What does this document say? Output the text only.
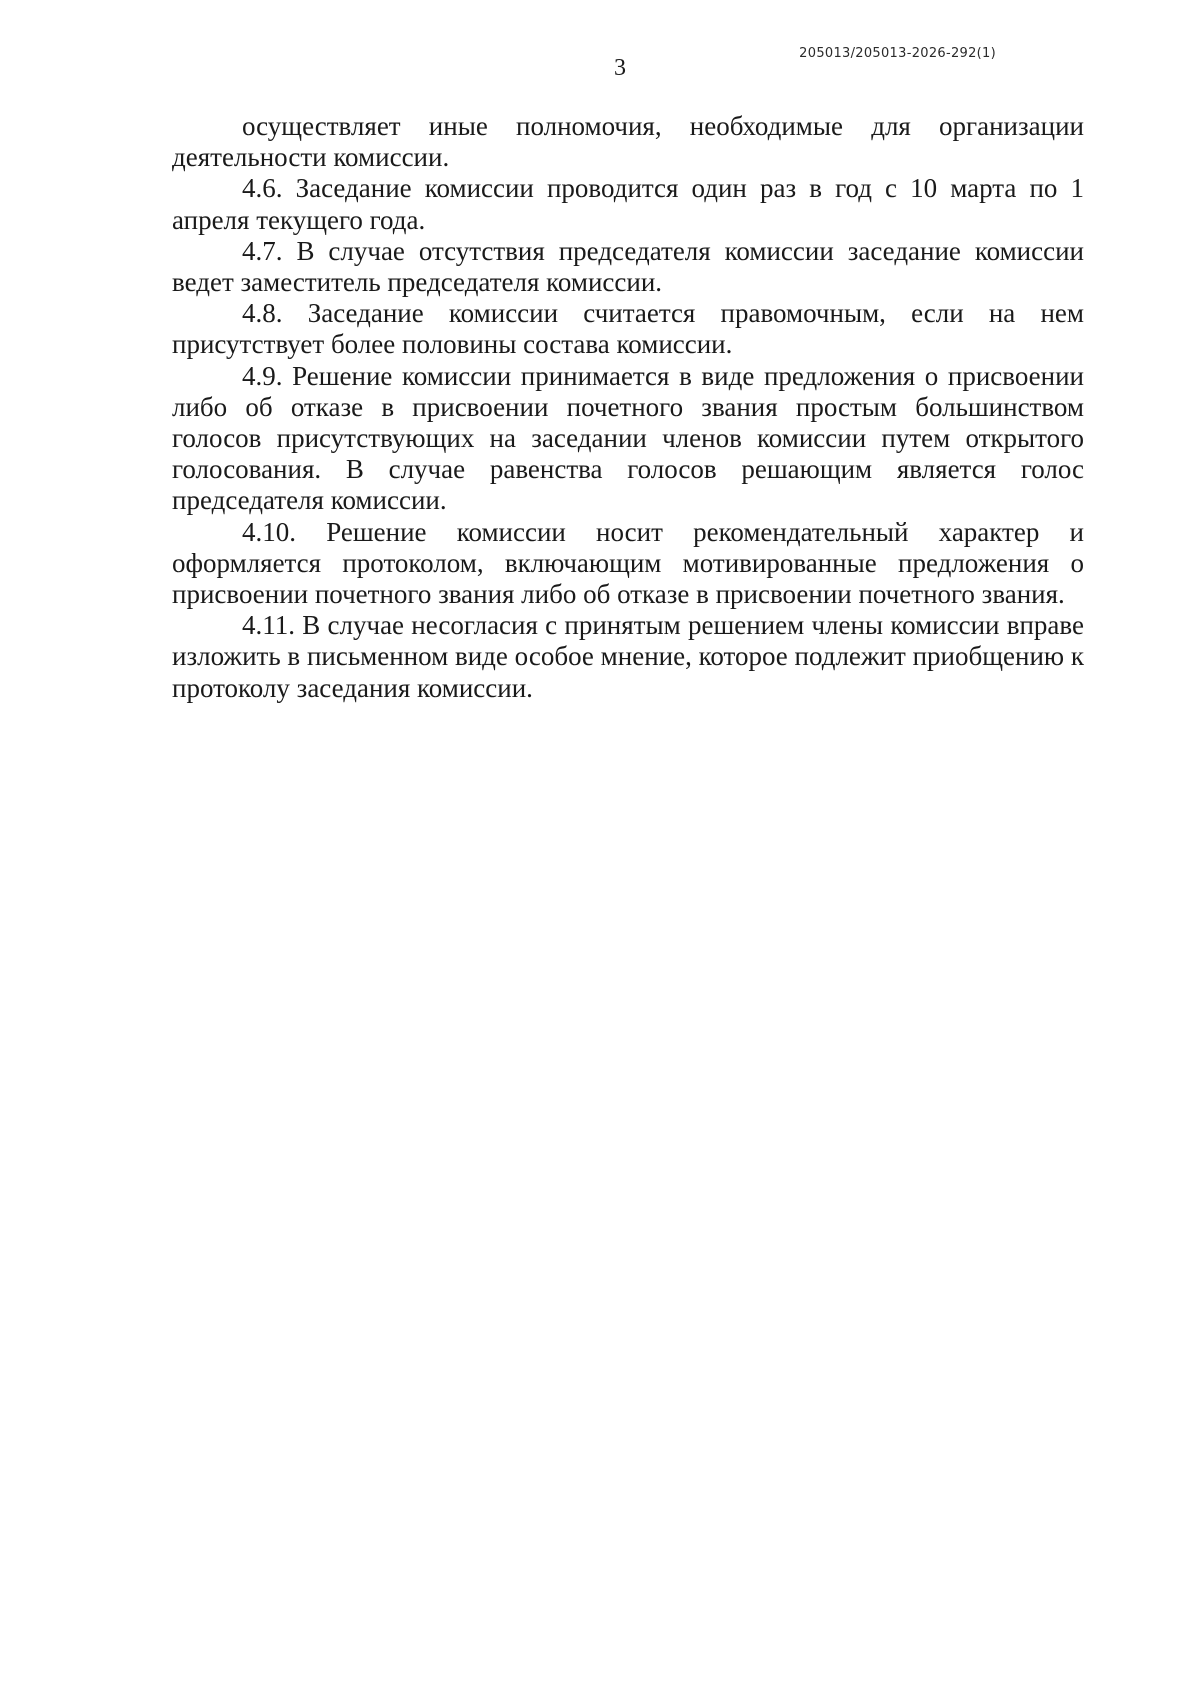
3
205013/205013-2026-292(1)

осуществляет иные полномочия, необходимые для организации деятельности комиссии.

4.6. Заседание комиссии проводится один раз в год с 10 марта по 1 апреля текущего года.

4.7. В случае отсутствия председателя комиссии заседание комиссии ведет заместитель председателя комиссии.

4.8. Заседание комиссии считается правомочным, если на нем присутствует более половины состава комиссии.

4.9. Решение комиссии принимается в виде предложения о присвоении либо об отказе в присвоении почетного звания простым большинством голосов присутствующих на заседании членов комиссии путем открытого голосования. В случае равенства голосов решающим является голос председателя комиссии.

4.10. Решение комиссии носит рекомендательный характер и оформляется протоколом, включающим мотивированные предложения о присвоении почетного звания либо об отказе в присвоении почетного звания.

4.11. В случае несогласия с принятым решением члены комиссии вправе изложить в письменном виде особое мнение, которое подлежит приобщению к протоколу заседания комиссии.
